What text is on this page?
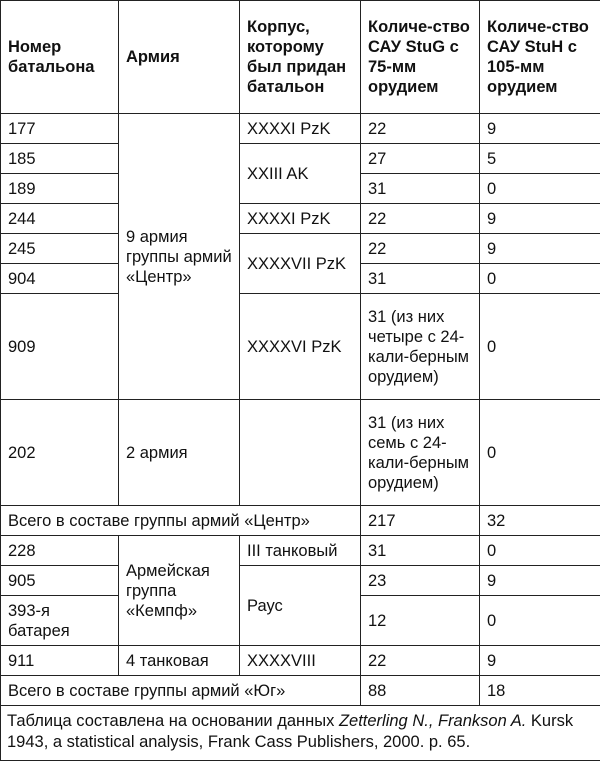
Номер батальона	Армия	Корпус, которому был придан батальон	Количе-ство САУ StuG с 75-мм орудием	Количе-ство САУ StuH с 105-мм орудием
177	9 армия группы армий «Центр»	XXXXI PzK	22	9
185		XXIII AK	27	5
189			31	0
244		XXXXI PzK	22	9
245		XXXXVII PzK	22	9
904			31	0
909		XXXXVI PzK	31 (из них четыре с 24-кали-берным орудием)	0
202	2 армия		31 (из них семь с 24-кали-берным орудием)	0
Всего в составе группы армий «Центр»			217	32
228	Армейская группа «Кемпф»	III танковый	31	0
905		Раус	23	9
393-я батарея			12	0
911	4 танковая	XXXXVIII	22	9
Всего в составе группы армий «Юг»			88	18
Таблица составлена на основании данных Zetterling N., Frankson A. Kursk 1943, a statistical analysis, Frank Cass Publishers, 2000. p. 65.				
